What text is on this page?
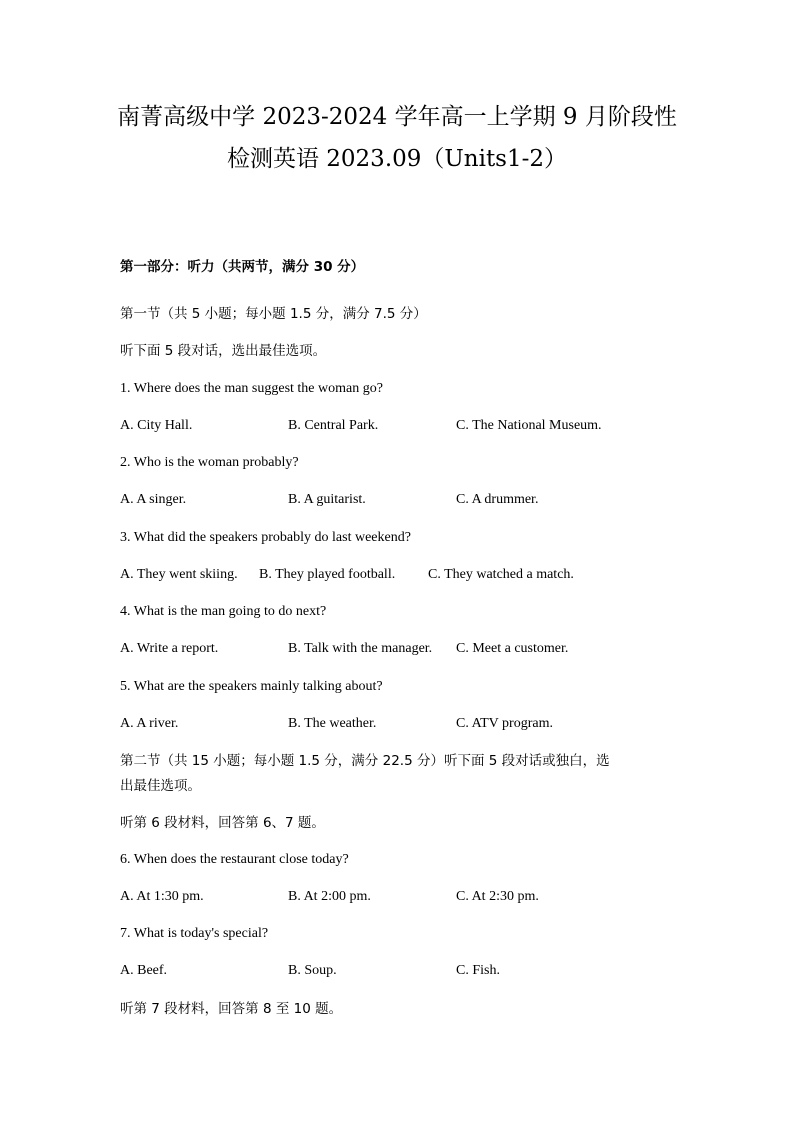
南菁高级中学 2023-2024 学年高一上学期 9 月阶段性
检测英语 2023.09（Units1-2）
第一部分：听力（共两节，满分 30 分）
第一节（共 5 小题；每小题 1.5 分，满分 7.5 分）
听下面 5 段对话，选出最佳选项。
1. Where does the man suggest the woman go?
A. City Hall.	B. Central Park.	C. The National Museum.
2. Who is the woman probably?
A. A singer.	B. A guitarist.	C. A drummer.
3. What did the speakers probably do last weekend?
A. They went skiing. B. They played football. C. They watched a match.
4. What is the man going to do next?
A. Write a report.	B. Talk with the manager. C. Meet a customer.
5. What are the speakers mainly talking about?
A. A river.	B. The weather.	C. ATV program.
第二节（共 15 小题；每小题 1.5 分，满分 22.5 分）听下面 5 段对话或独白，选
出最佳选项。
听第 6 段材料，回答第 6、7 题。
6. When does the restaurant close today?
A. At 1:30 pm.	B. At 2:00 pm.	C. At 2:30 pm.
7. What is today's special?
A. Beef.	B. Soup.	C. Fish.
听第 7 段材料，回答第 8 至 10 题。
